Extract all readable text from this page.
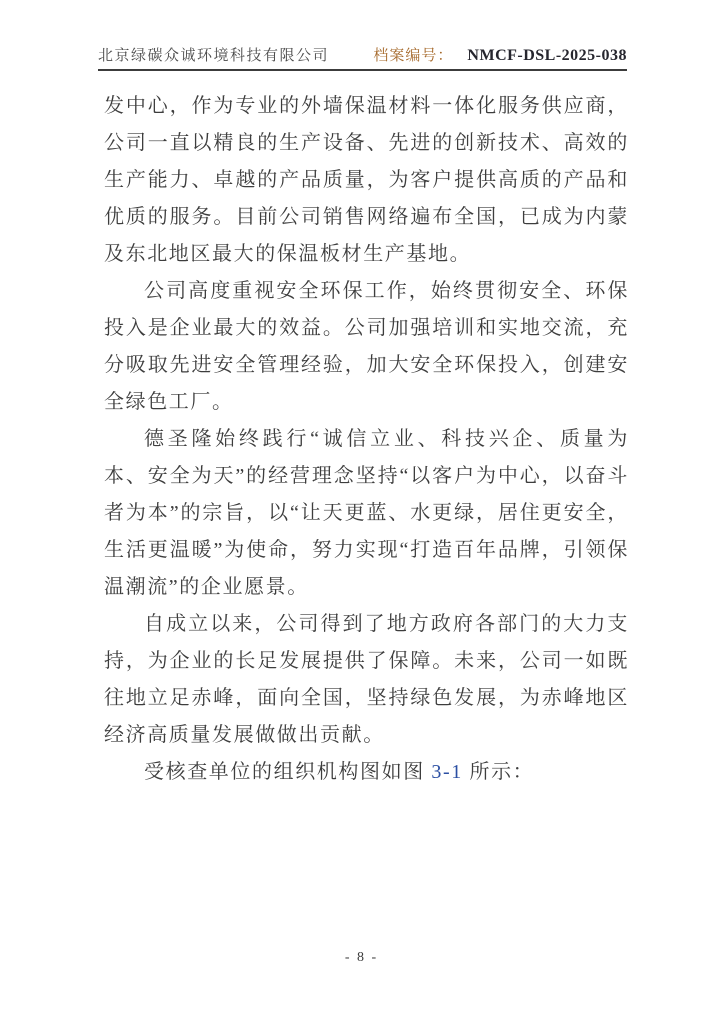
北京绿碳众诚环境科技有限公司	档案编号： NMCF-DSL-2025-038

发中心，作为专业的外墙保温材料一体化服务供应商，公司一直以精良的生产设备、先进的创新技术、高效的生产能力、卓越的产品质量，为客户提供高质的产品和优质的服务。目前公司销售网络遍布全国，已成为内蒙及东北地区最大的保温板材生产基地。

公司高度重视安全环保工作，始终贯彻安全、环保投入是企业最大的效益。公司加强培训和实地交流，充分吸取先进安全管理经验，加大安全环保投入，创建安全绿色工厂。

德圣隆始终践行“诚信立业、科技兴企、质量为本、安全为天”的经营理念坚持“以客户为中心，以奋斗者为本”的宗旨，以“让天更蓝、水更绿，居住更安全，生活更温暖”为使命，努力实现“打造百年品牌，引领保温潮流”的企业愿景。

自成立以来，公司得到了地方政府各部门的大力支持，为企业的长足发展提供了保障。未来，公司一如既往地立足赤峰，面向全国，坚持绿色发展，为赤峰地区经济高质量发展做做出贡献。

受核查单位的组织机构图如图 3-1 所示：

- 8 -
